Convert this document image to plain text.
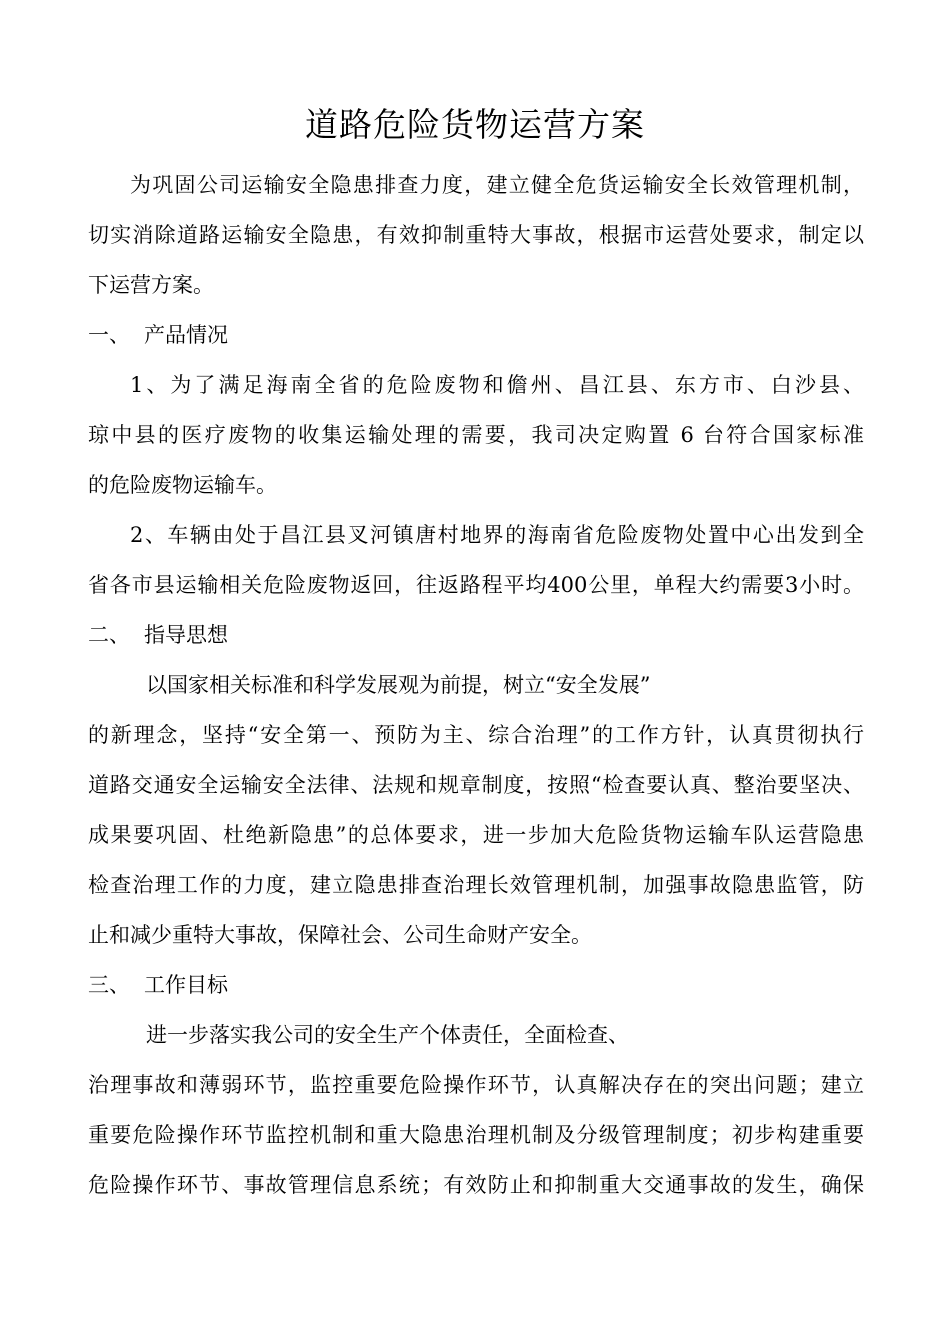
道路危险货物运营方案
为巩固公司运输安全隐患排查力度，建立健全危货运输安全长效管理机制，
切实消除道路运输安全隐患，有效抑制重特大事故，根据市运营处要求，制定以
下运营方案。
一、 产品情况
1、为了满足海南全省的危险废物和儋州、昌江县、东方市、白沙县、
琼中县的医疗废物的收集运输处理的需要，我司决定购置 6 台符合国家标准
的危险废物运输车。
2、车辆由处于昌江县叉河镇唐村地界的海南省危险废物处置中心出发到全
省各市县运输相关危险废物返回，往返路程平均400公里，单程大约需要3小时。
二、 指导思想
以国家相关标准和科学发展观为前提，树立“安全发展”
的新理念，坚持“安全第一、预防为主、综合治理”的工作方针，认真贯彻执行
道路交通安全运输安全法律、法规和规章制度，按照“检查要认真、整治要坚决、
成果要巩固、杜绝新隐患”的总体要求，进一步加大危险货物运输车队运营隐患
检查治理工作的力度，建立隐患排查治理长效管理机制，加强事故隐患监管，防
止和减少重特大事故，保障社会、公司生命财产安全。
三、 工作目标
进一步落实我公司的安全生产个体责任，全面检查、
治理事故和薄弱环节，监控重要危险操作环节，认真解决存在的突出问题；建立
重要危险操作环节监控机制和重大隐患治理机制及分级管理制度；初步构建重要
危险操作环节、事故管理信息系统；有效防止和抑制重大交通事故的发生，确保
